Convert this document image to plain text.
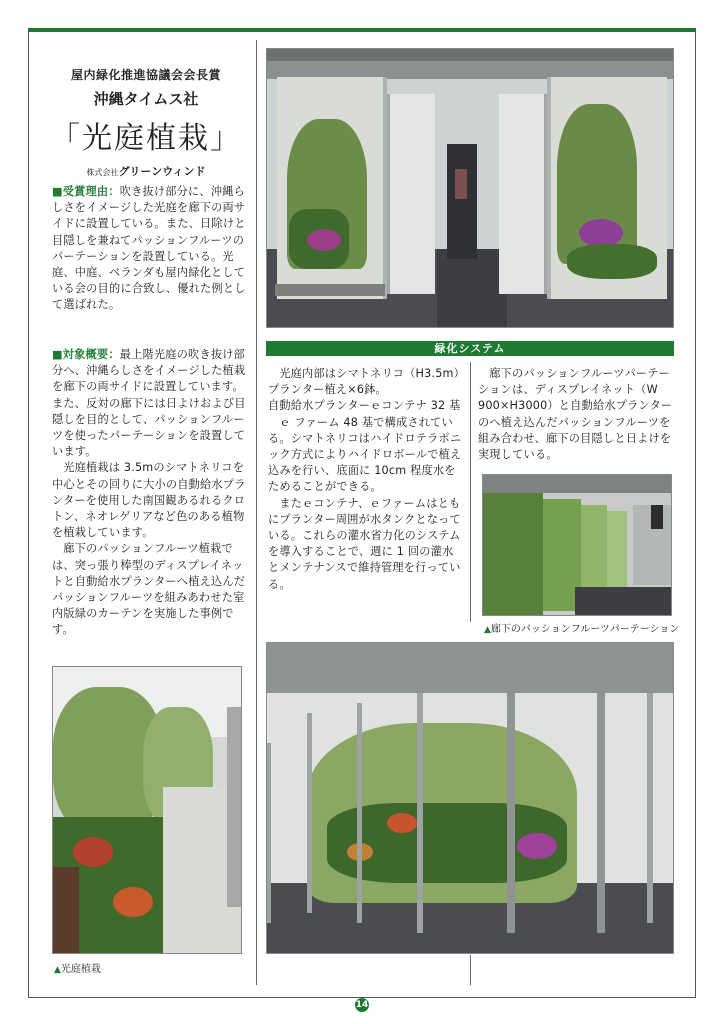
屋内緑化推進協議会会長賞
沖縄タイムス社
「光庭植栽」
株式会社グリーンウィンド

■受賞理由：吹き抜け部分に、沖縄らしさをイメージした光庭を廊下の両サイドに設置している。また、日除けと目隠しを兼ねてパッションフルーツのパーテーションを設置している。光庭、中庭、ベランダも屋内緑化としている会の目的に合致し、優れた例として選ばれた。

■対象概要：最上階光庭の吹き抜け部分へ、沖縄らしさをイメージした植栽を廊下の両サイドに設置しています。また、反対の廊下には日よけおよび目隠しを目的として、パッションフルーツを使ったパーテーションを設置しています。

光庭植栽は 3.5mのシマトネリコを中心とその回りに大小の自動給水プランターを使用した南国観あるれるクロトン、ネオレゲリアなど色のある植物を植栽しています。

廊下のパッションフルーツ植栽では、突っ張り棒型のディスプレイネットと自動給水プランターへ植え込んだパッションフルーツを組みあわせた室内版緑のカーテンを実施した事例です。

緑化システム

光庭内部はシマトネリコ（H3.5m）プランター植え×6鉢。

自動給水プランターｅコンテナ 32 基

ｅ ファーム 48 基で構成されている。シマトネリコはハイドロテラポニック方式によりハイドロボールで植え込みを行い、底面に 10cm 程度水をためることができる。

またｅコンテナ、ｅファームはともにプランター周囲が水タンクとなっている。これらの灌水省力化のシステムを導入することで、週に 1 回の灌水とメンテナンスで維持管理を行っている。

廊下のパッションフルーツパーテーションは、ディスプレイネット（W 900×H3000）と自動給水プランターのへ植え込んだパッションフルーツを組み合わせ、廊下の目隠しと日よけを実現している。

▲廊下のパッションフルーツパーテーション
▲光庭植栽
14
